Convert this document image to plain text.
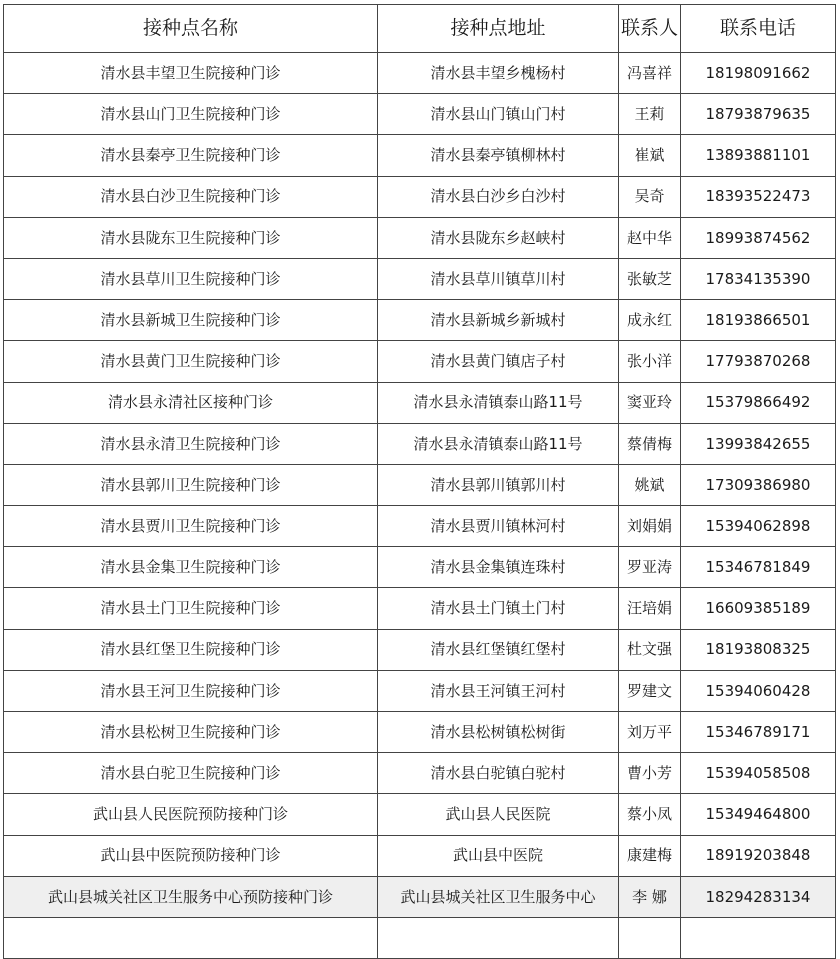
接种点名称	接种点地址	联系人	联系电话
清水县丰望卫生院接种门诊	清水县丰望乡槐杨村	冯喜祥	18198091662
清水县山门卫生院接种门诊	清水县山门镇山门村	王莉	18793879635
清水县秦亭卫生院接种门诊	清水县秦亭镇柳林村	崔斌	13893881101
清水县白沙卫生院接种门诊	清水县白沙乡白沙村	吴奇	18393522473
清水县陇东卫生院接种门诊	清水县陇东乡赵峡村	赵中华	18993874562
清水县草川卫生院接种门诊	清水县草川镇草川村	张敏芝	17834135390
清水县新城卫生院接种门诊	清水县新城乡新城村	成永红	18193866501
清水县黄门卫生院接种门诊	清水县黄门镇店子村	张小洋	17793870268
清水县永清社区接种门诊	清水县永清镇泰山路11号	窦亚玲	15379866492
清水县永清卫生院接种门诊	清水县永清镇泰山路11号	蔡倩梅	13993842655
清水县郭川卫生院接种门诊	清水县郭川镇郭川村	姚斌	17309386980
清水县贾川卫生院接种门诊	清水县贾川镇林河村	刘娟娟	15394062898
清水县金集卫生院接种门诊	清水县金集镇连珠村	罗亚涛	15346781849
清水县土门卫生院接种门诊	清水县土门镇土门村	汪培娟	16609385189
清水县红堡卫生院接种门诊	清水县红堡镇红堡村	杜文强	18193808325
清水县王河卫生院接种门诊	清水县王河镇王河村	罗建文	15394060428
清水县松树卫生院接种门诊	清水县松树镇松树街	刘万平	15346789171
清水县白驼卫生院接种门诊	清水县白驼镇白驼村	曹小芳	15394058508
武山县人民医院预防接种门诊	武山县人民医院	蔡小凤	15349464800
武山县中医院预防接种门诊	武山县中医院	康建梅	18919203848
武山县城关社区卫生服务中心预防接种门诊	武山县城关社区卫生服务中心	李 娜	18294283134
